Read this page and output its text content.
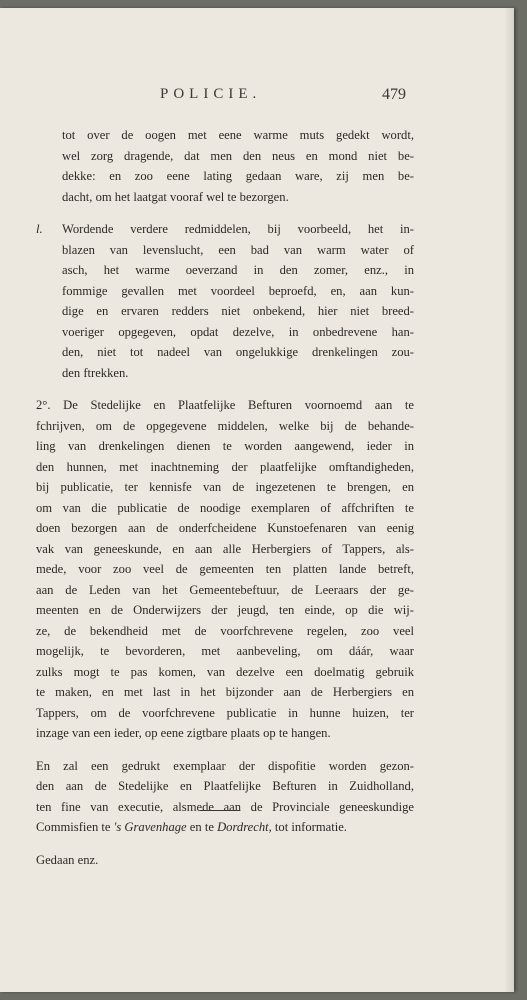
POLICIE.	479
tot over de oogen met eene warme muts gedekt wordt,
wel zorg dragende, dat men den neus en mond niet be-
dekke: en zoo eene lating gedaan ware, zij men be-
dacht, om het laatgat vooraf wel te bezorgen.
l. Wordende verdere redmiddelen, bij voorbeeld, het in-
blazen van levenslucht, een bad van warm water of
asch, het warme oeverzand in den zomer, enz., in
fommige gevallen met voordeel beproefd, en, aan kun-
dige en ervaren redders niet onbekend, hier niet breed-
voeriger opgegeven, opdat dezelve, in onbedrevene han-
den, niet tot nadeel van ongelukkige drenkelingen zou-
den ftrekken.
2°. De Stedelijke en Plaatfelijke Befturen voornoemd aan te
fchrijven, om de opgegevene middelen, welke bij de behande-
ling van drenkelingen dienen te worden aangewend, ieder in
den hunnen, met inachtneming der plaatfelijke omftandigheden,
bij publicatie, ter kennisfe van de ingezetenen te brengen, en
om van die publicatie de noodige exemplaren of affchriften te
doen bezorgen aan de onderfcheidene Kunstoefenaren van eenig
vak van geneeskunde, en aan alle Herbergiers of Tappers, als-
mede, voor zoo veel de gemeenten ten platten lande betreft,
aan de Leden van het Gemeentebeftuur, de Leeraars der ge-
meenten en de Onderwijzers der jeugd, ten einde, op die wij-
ze, de bekendheid met de voorfchrevene regelen, zoo veel
mogelijk, te bevorderen, met aanbeveling, om dáár, waar
zulks mogt te pas komen, van dezelve een doelmatig gebruik
te maken, en met last in het bijzonder aan de Herbergiers en
Tappers, om de voorfchrevene publicatie in hunne huizen, ter
inzage van een ieder, op eene zigtbare plaats op te hangen.
En zal een gedrukt exemplaar der dispofitie worden gezon-
den aan de Stedelijke en Plaatfelijke Befturen in Zuidholland,
ten fine van executie, alsmede aan de Provinciale geneeskundige
Commisfien te 's Gravenhage en te Dordrecht, tot informatie.
Gedaan enz.
